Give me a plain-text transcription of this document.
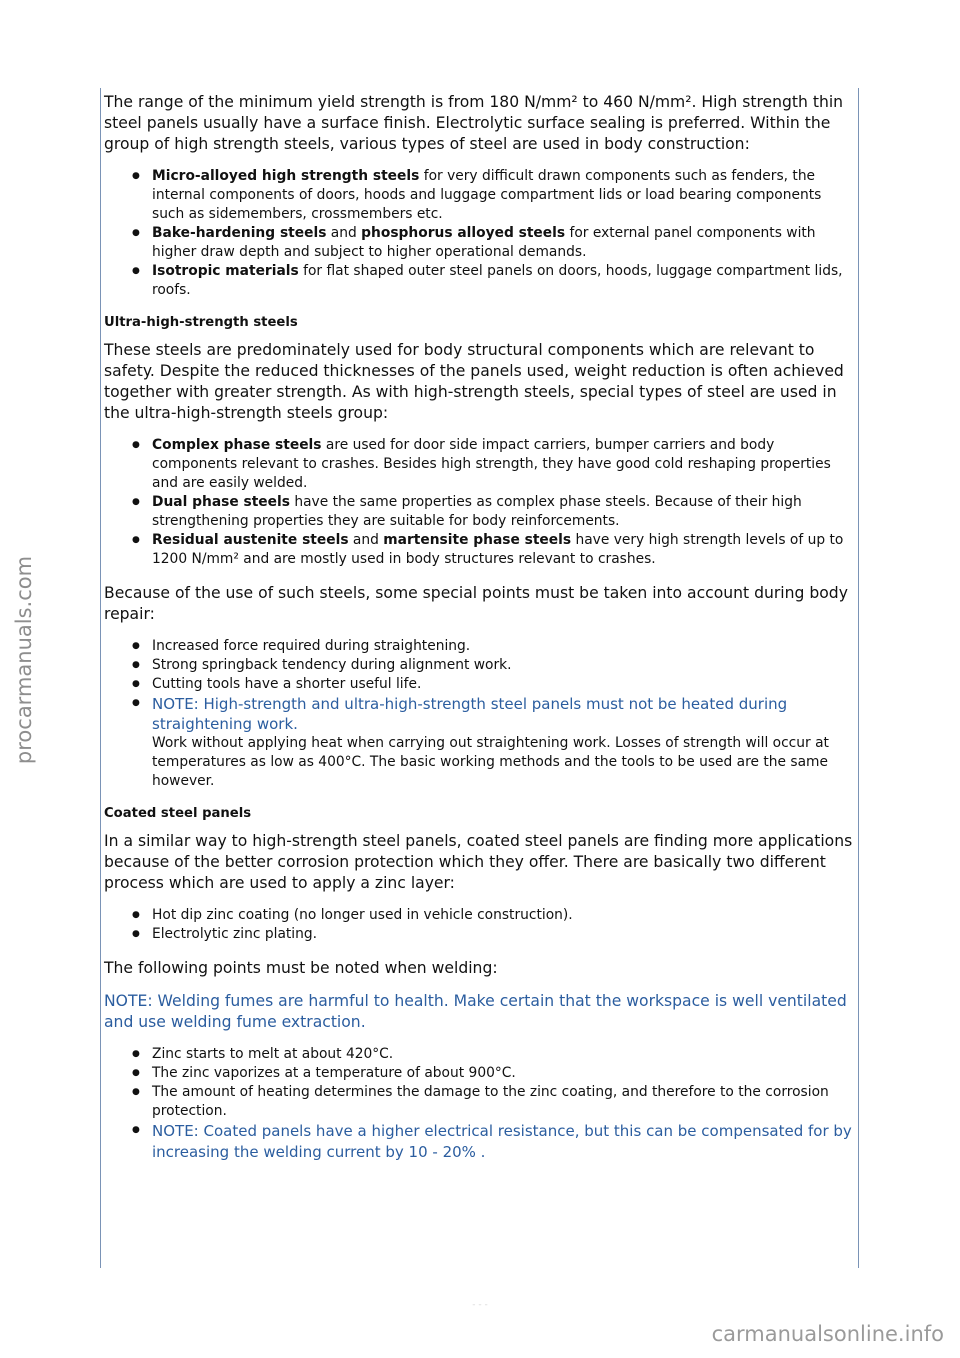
procarmanuals.com

The range of the minimum yield strength is from 180 N/mm² to 460 N/mm². High strength thin steel panels usually have a surface finish. Electrolytic surface sealing is preferred. Within the group of high strength steels, various types of steel are used in body construction:

● Micro-alloyed high strength steels for very difficult drawn components such as fenders, the internal components of doors, hoods and luggage compartment lids or load bearing components such as sidemembers, crossmembers etc.
● Bake-hardening steels and phosphorus alloyed steels for external panel components with higher draw depth and subject to higher operational demands.
● Isotropic materials for flat shaped outer steel panels on doors, hoods, luggage compartment lids, roofs.
Ultra-high-strength steels

These steels are predominately used for body structural components which are relevant to safety. Despite the reduced thicknesses of the panels used, weight reduction is often achieved together with greater strength. As with high-strength steels, special types of steel are used in the ultra-high-strength steels group:

● Complex phase steels are used for door side impact carriers, bumper carriers and body components relevant to crashes. Besides high strength, they have good cold reshaping properties and are easily welded.
● Dual phase steels have the same properties as complex phase steels. Because of their high strengthening properties they are suitable for body reinforcements.
● Residual austenite steels and martensite phase steels have very high strength levels of up to 1200 N/mm² and are mostly used in body structures relevant to crashes.

Because of the use of such steels, some special points must be taken into account during body repair:

● Increased force required during straightening.
● Strong springback tendency during alignment work.
● Cutting tools have a shorter useful life.
● NOTE: High-strength and ultra-high-strength steel panels must not be heated during straightening work.
Work without applying heat when carrying out straightening work. Losses of strength will occur at temperatures as low as 400°C. The basic working methods and the tools to be used are the same however.
Coated steel panels

In a similar way to high-strength steel panels, coated steel panels are finding more applications because of the better corrosion protection which they offer. There are basically two different process which are used to apply a zinc layer:

● Hot dip zinc coating (no longer used in vehicle construction).
● Electrolytic zinc plating.

The following points must be noted when welding:

NOTE: Welding fumes are harmful to health. Make certain that the workspace is well ventilated and use welding fume extraction.

● Zinc starts to melt at about 420°C.
● The zinc vaporizes at a temperature of about 900°C.
● The amount of heating determines the damage to the zinc coating, and therefore to the corrosion protection.
● NOTE: Coated panels have a higher electrical resistance, but this can be compensated for by increasing the welding current by 10 - 20% .
- - -
carmanualsonline.info
